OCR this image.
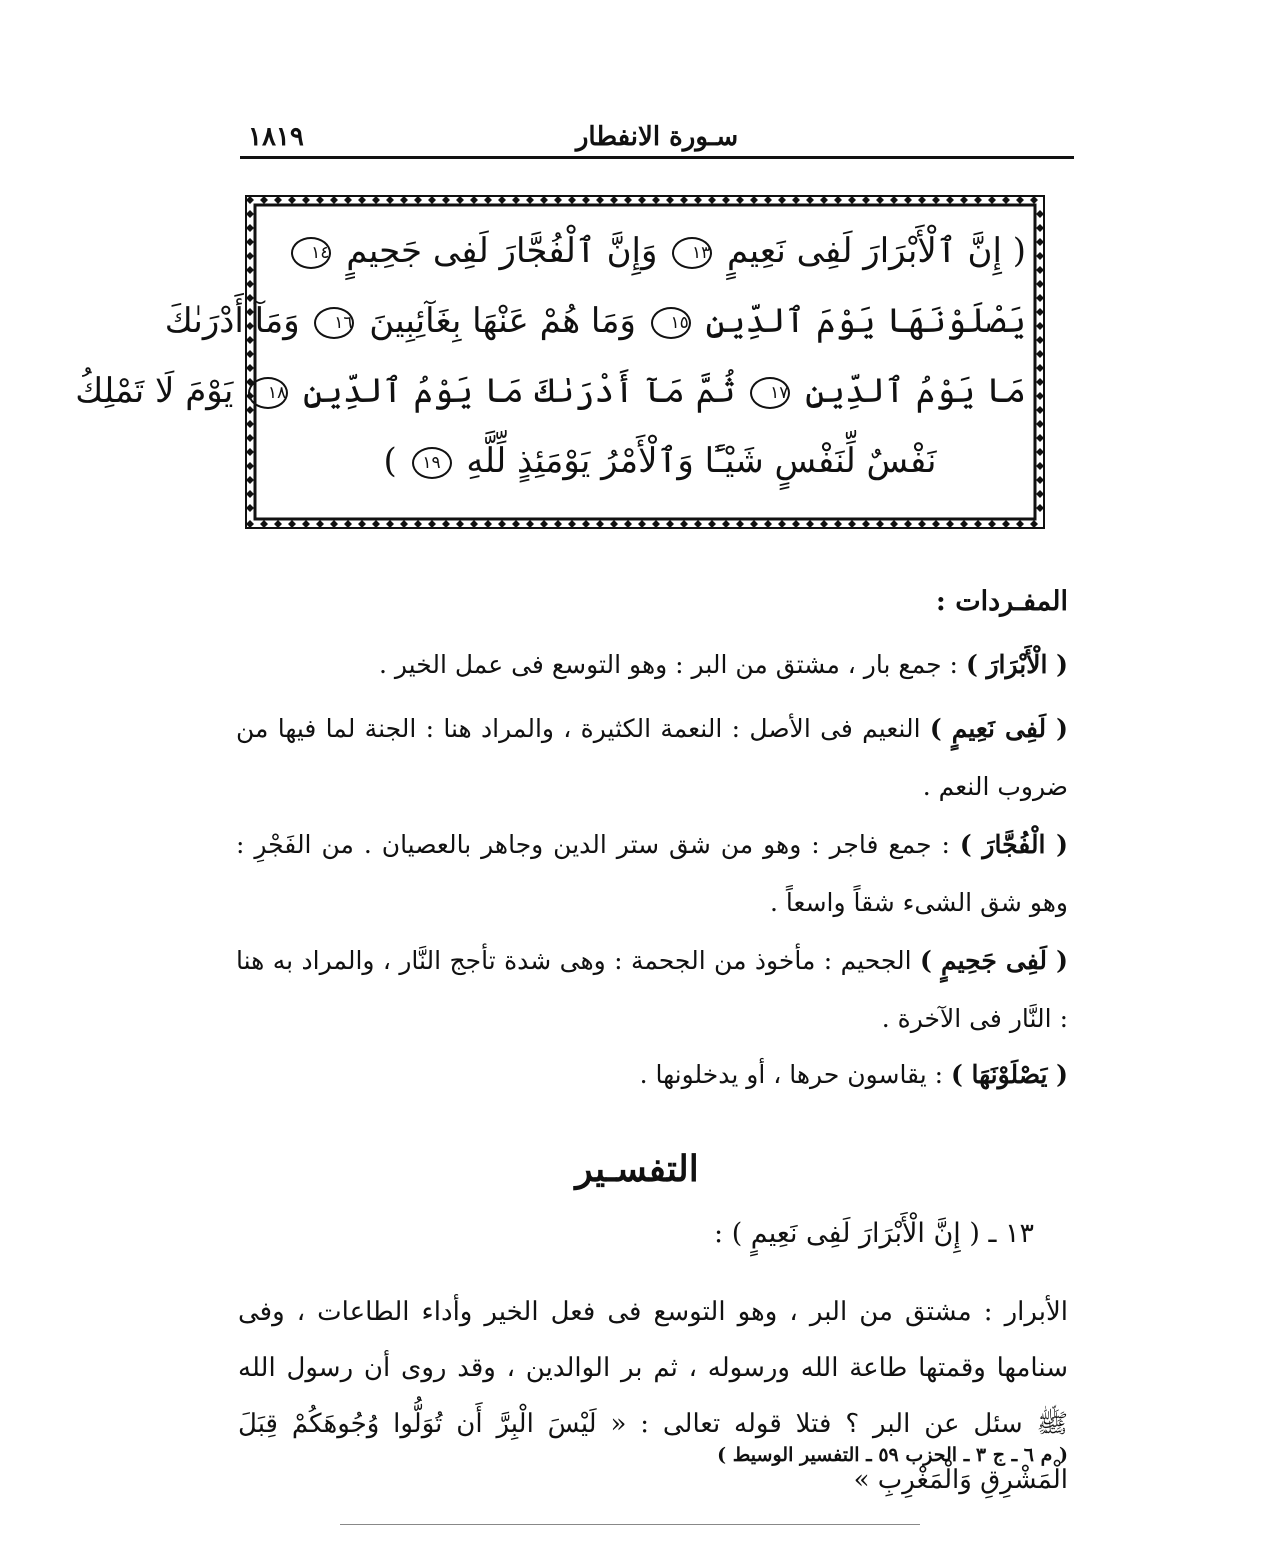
سـورة الانفطار
١٨١٩
( إِنَّ ٱلْأَبْرَارَ لَفِى نَعِيمٍ ١٣ وَإِنَّ ٱلْفُجَّارَ لَفِى جَحِيمٍ ١٤
يَصْلَوْنَهَا يَوْمَ ٱلدِّينِ ١٥ وَمَا هُمْ عَنْهَا بِغَآئِبِينَ ١٦ وَمَآ أَدْرَىٰكَ
مَا يَوْمُ ٱلدِّينِ ١٧ ثُمَّ مَآ أَدْرَىٰكَ مَا يَوْمُ ٱلدِّينِ ١٨ يَوْمَ لَا تَمْلِكُ
نَفْسٌ لِّنَفْسٍ شَيْـًٔا وَٱلْأَمْرُ يَوْمَئِذٍ لِّلَّهِ ١٩ )
المفـردات :
( الْأَبْرَارَ ) : جمع بار ، مشتق من البر : وهو التوسع فى عمل الخير .
( لَفِى نَعِيمٍ ) النعيم فى الأصل : النعمة الكثيرة ، والمراد هنا : الجنة لما فيها من ضروب النعم .
( الْفُجَّارَ ) : جمع فاجر : وهو من شق ستر الدين وجاهر بالعصيان . من الفَجْرِ : وهو شق الشىء شقاً واسعاً .
( لَفِى جَحِيمٍ ) الجحيم : مأخوذ من الجحمة : وهى شدة تأجج النَّار ، والمراد به هنا : النَّار فى الآخرة .
( يَصْلَوْنَهَا ) : يقاسون حرها ، أو يدخلونها .
التفسـير
١٣ ـ ( إِنَّ الْأَبْرَارَ لَفِى نَعِيمٍ ) :
الأبرار : مشتق من البر ، وهو التوسع فى فعل الخير وأداء الطاعات ، وفى سنامها وقمتها طاعة الله ورسوله ، ثم بر الوالدين ، وقد روى أن رسول الله ﷺ سئل عن البر ؟ فتلا قوله تعالى : « لَيْسَ الْبِرَّ أَن تُوَلُّوا وُجُوهَكُمْ قِبَلَ الْمَشْرِقِ وَالْمَغْرِبِ »
( م ٦ ـ ج ٣ ـ الحزب ٥٩ ـ التفسير الوسيط )
